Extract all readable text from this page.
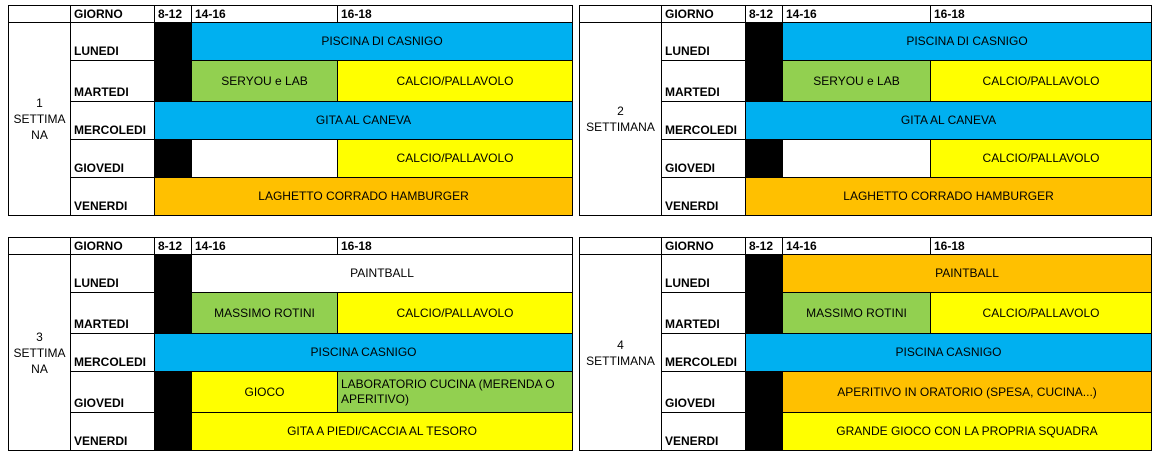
	GIORNO	8-12	14-16	16-18
1
SETTIMA
NA	LUNEDI		PISCINA DI CASNIGO	
	MARTEDI		SERYOU e LAB	CALCIO/PALLAVOLO
	MERCOLEDI	GITA AL CANEVA		
	GIOVEDI			CALCIO/PALLAVOLO
	VENERDI	LAGHETTO CORRADO HAMBURGER		
	GIORNO	8-12	14-16	16-18
2
SETTIMANA	LUNEDI		PISCINA DI CASNIGO	
	MARTEDI		SERYOU e LAB	CALCIO/PALLAVOLO
	MERCOLEDI	GITA AL CANEVA		
	GIOVEDI			CALCIO/PALLAVOLO
	VENERDI	LAGHETTO CORRADO HAMBURGER		
	GIORNO	8-12	14-16	16-18
3
SETTIMA
NA	LUNEDI		PAINTBALL	
	MARTEDI		MASSIMO ROTINI	CALCIO/PALLAVOLO
	MERCOLEDI	PISCINA CASNIGO		
	GIOVEDI		GIOCO	LABORATORIO CUCINA (MERENDA O APERITIVO)
	VENERDI		GITA A PIEDI/CACCIA AL TESORO	
	GIORNO	8-12	14-16	16-18
4
SETTIMANA	LUNEDI		PAINTBALL	
	MARTEDI		MASSIMO ROTINI	CALCIO/PALLAVOLO
	MERCOLEDI	PISCINA CASNIGO		
	GIOVEDI		APERITIVO IN ORATORIO (SPESA, CUCINA...)	
	VENERDI		GRANDE GIOCO CON LA PROPRIA SQUADRA	
